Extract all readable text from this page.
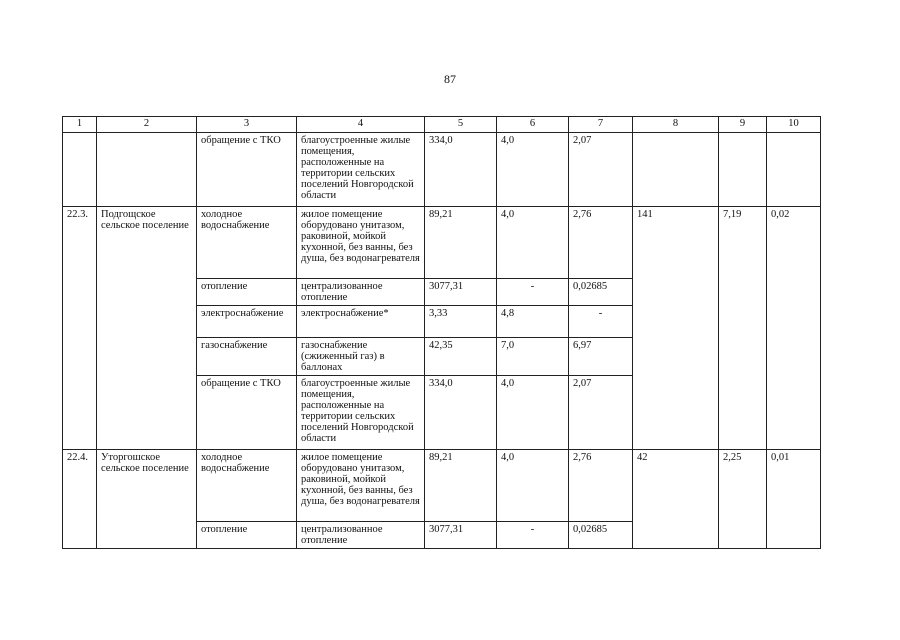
87
1	2	3	4	5	6	7	8	9	10
		обращение с ТКО	благоустроенные жилые помещения, расположенные на территории сельских поселений Новгородской области	334,0	4,0	2,07			
22.3.	Подгощское сельское поселение	холодное водоснабжение	жилое помещение оборудовано унитазом, раковиной, мойкой кухонной, без ванны, без душа, без водонагревателя	89,21	4,0	2,76	141	7,19	0,02
		отопление	централизованное отопление	3077,31	-	0,02685			
		электроснабжение	электроснабжение*	3,33	4,8	-			
		газоснабжение	газоснабжение (сжиженный газ) в баллонах	42,35	7,0	6,97			
		обращение с ТКО	благоустроенные жилые помещения, расположенные на территории сельских поселений Новгородской области	334,0	4,0	2,07			
22.4.	Уторгошское сельское поселение	холодное водоснабжение	жилое помещение оборудовано унитазом, раковиной, мойкой кухонной, без ванны, без душа, без водонагревателя	89,21	4,0	2,76	42	2,25	0,01
		отопление	централизованное отопление	3077,31	-	0,02685			
